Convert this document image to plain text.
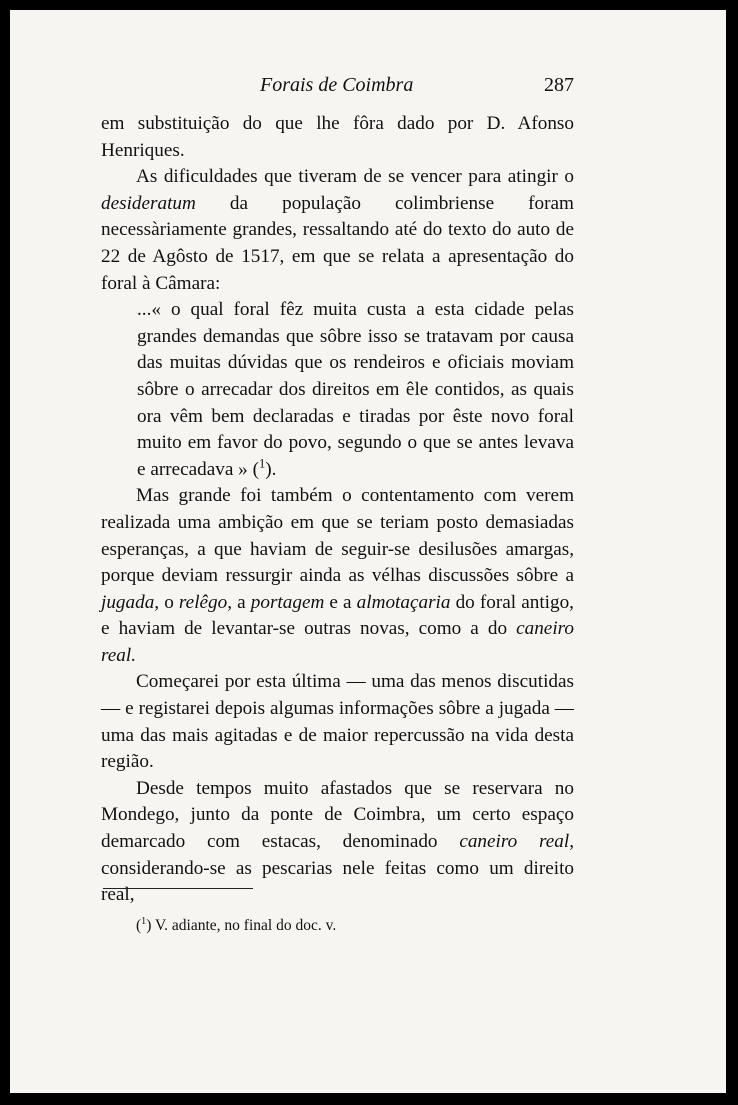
Forais de Coimbra	287

em substituição do que lhe fôra dado por D. Afonso Henriques.

As dificuldades que tiveram de se vencer para atingir o desideratum da população colimbriense foram necessàriamente grandes, ressaltando até do texto do auto de 22 de Agôsto de 1517, em que se relata a apresentação do foral à Câmara:

...« o qual foral fêz muita custa a esta cidade pelas grandes demandas que sôbre isso se tratavam por causa das muitas dúvidas que os rendeiros e oficiais moviam sôbre o arrecadar dos direitos em êle contidos, as quais ora vêm bem declaradas e tiradas por êste novo foral muito em favor do povo, segundo o que se antes levava e arrecadava » ($^1$).

Mas grande foi também o contentamento com verem realizada uma ambição em que se teriam posto demasiadas esperanças, a que haviam de seguir-se desilusões amargas, porque deviam ressurgir ainda as vélhas discussões sôbre a jugada, o relêgo, a portagem e a almotaçaria do foral antigo, e haviam de levantar-se outras novas, como a do caneiro real.

Começarei por esta última — uma das menos discutidas — e registarei depois algumas informações sôbre a jugada — uma das mais agitadas e de maior repercussão na vida desta região.

Desde tempos muito afastados que se reservara no Mondego, junto da ponte de Coimbra, um certo espaço demarcado com estacas, denominado caneiro real, considerando-se as pescarias nele feitas como um direito real,

($^1$) V. adiante, no final do doc. v.
